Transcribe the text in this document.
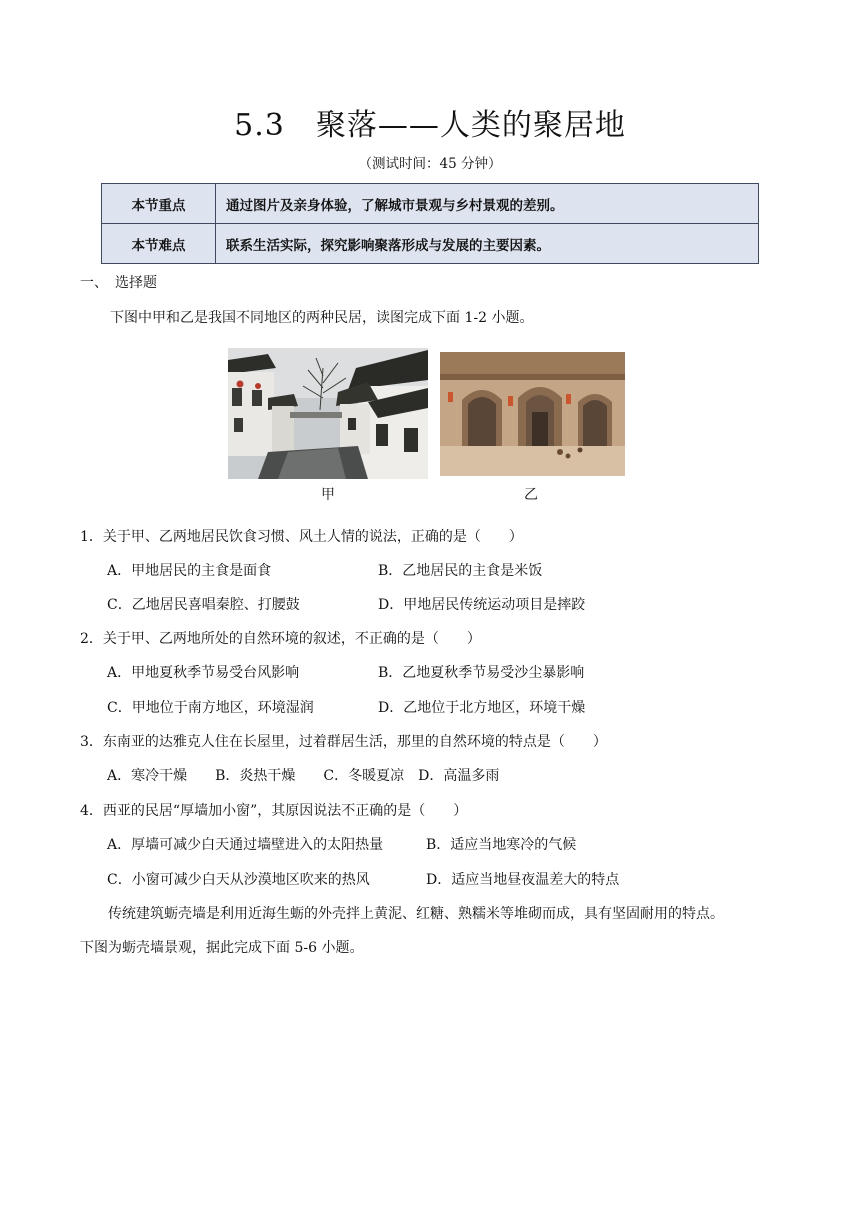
5.3　聚落——人类的聚居地
（测试时间：45 分钟）
本节重点	通过图片及亲身体验，了解城市景观与乡村景观的差别。
本节难点	联系生活实际，探究影响聚落形成与发展的主要因素。
一、　选择题
下图中甲和乙是我国不同地区的两种民居，读图完成下面 1-2 小题。
甲	乙
1．关于甲、乙两地居民饮食习惯、风土人情的说法，正确的是（　　）
A．甲地居民的主食是面食	B．乙地居民的主食是米饭
C．乙地居民喜唱秦腔、打腰鼓	D．甲地居民传统运动项目是摔跤
2．关于甲、乙两地所处的自然环境的叙述，不正确的是（　　）
A．甲地夏秋季节易受台风影响	B．乙地夏秋季节易受沙尘暴影响
C．甲地位于南方地区，环境湿润	D．乙地位于北方地区，环境干燥
3．东南亚的达雅克人住在长屋里，过着群居生活，那里的自然环境的特点是（　　）
A．寒冷干燥　　B．炎热干燥　　C．冬暖夏凉　D．高温多雨
4．西亚的民居“厚墙加小窗”，其原因说法不正确的是（　　）
A．厚墙可减少白天通过墙壁进入的太阳热量	B．适应当地寒冷的气候
C．小窗可减少白天从沙漠地区吹来的热风	D．适应当地昼夜温差大的特点
传统建筑蛎壳墙是利用近海生蛎的外壳拌上黄泥、红糖、熟糯米等堆砌而成，具有坚固耐用的特点。
下图为蛎壳墙景观，据此完成下面 5-6 小题。
